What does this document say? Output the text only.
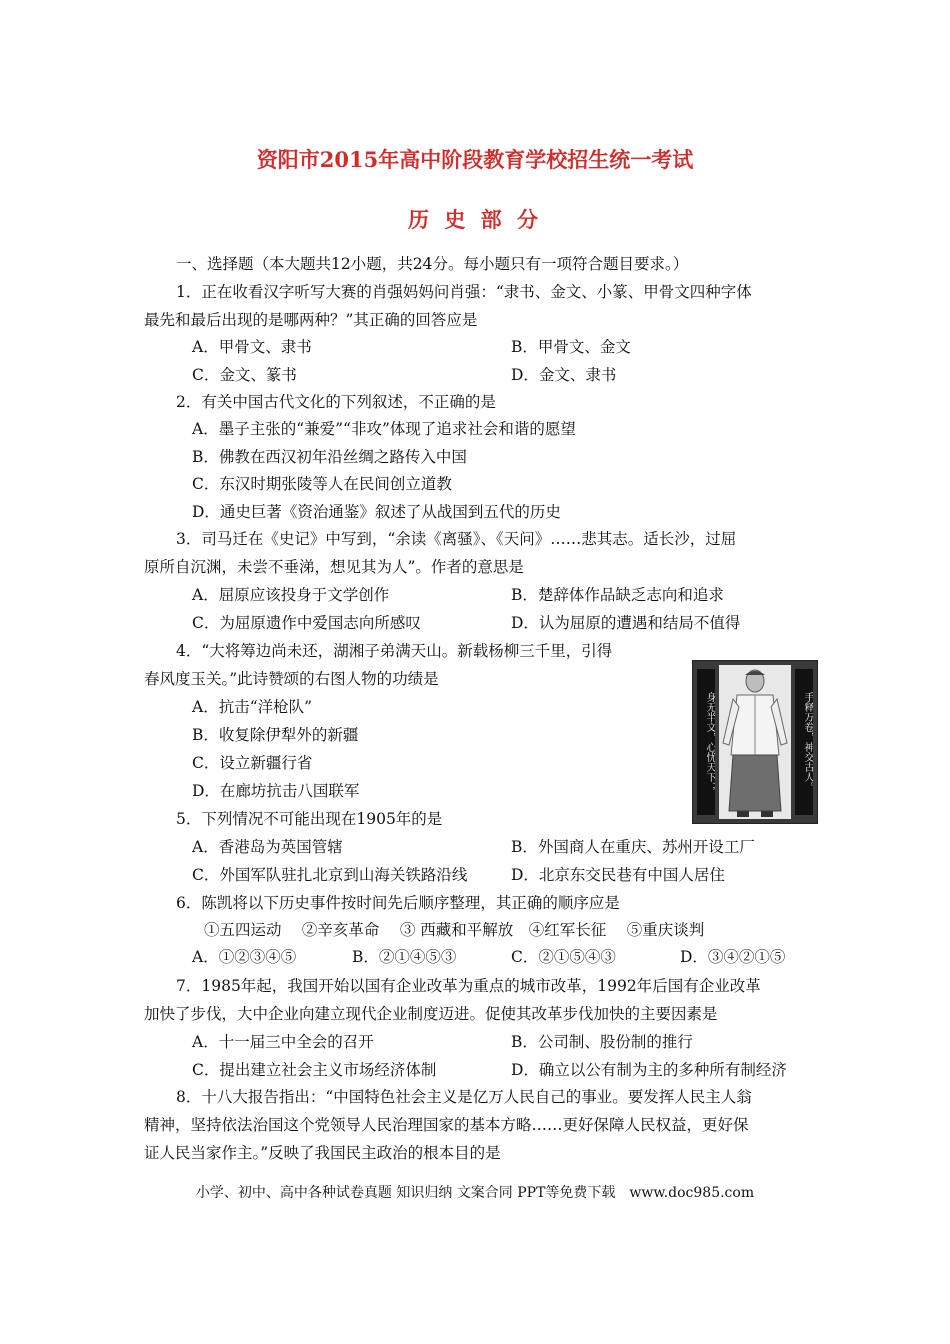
资阳市2015年高中阶段教育学校招生统一考试
历 史 部 分
一、选择题（本大题共12小题，共24分。每小题只有一项符合题目要求。）
1．正在收看汉字听写大赛的肖强妈妈问肖强：“隶书、金文、小篆、甲骨文四种字体
最先和最后出现的是哪两种？”其正确的回答应是
A．甲骨文、隶书	B．甲骨文、金文
C．金文、篆书	D．金文、隶书
2．有关中国古代文化的下列叙述，不正确的是
A．墨子主张的“兼爱”“非攻”体现了追求社会和谐的愿望
B．佛教在西汉初年沿丝绸之路传入中国
C．东汉时期张陵等人在民间创立道教
D．通史巨著《资治通鉴》叙述了从战国到五代的历史
3．司马迁在《史记》中写到，“余读《离骚》、《天问》……悲其志。适长沙，过屈
原所自沉渊，未尝不垂涕，想见其为人”。作者的意思是
A．屈原应该投身于文学创作	B．楚辞体作品缺乏志向和追求
C．为屈原遗作中爱国志向所感叹	D．认为屈原的遭遇和结局不值得
4．“大将筹边尚未还，湖湘子弟满天山。新载杨柳三千里，引得
春风度玉关。”此诗赞颂的右图人物的功绩是
A．抗击“洋枪队”
B．收复除伊犁外的新疆
C．设立新疆行省
D．在廊坊抗击八国联军	身无半文，心忧天下；	手释万卷，神交古人。
5．下列情况不可能出现在1905年的是
A．香港岛为英国管辖	B．外国商人在重庆、苏州开设工厂
C．外国军队驻扎北京到山海关铁路沿线	D．北京东交民巷有中国人居住
6．陈凯将以下历史事件按时间先后顺序整理，其正确的顺序应是
①五四运动　 ②辛亥革命　 ③ 西藏和平解放　④红军长征　 ⑤重庆谈判
A．①②③④⑤	B．②①④⑤③	C．②①⑤④③	D．③④②①⑤
7．1985年起，我国开始以国有企业改革为重点的城市改革，1992年后国有企业改革
加快了步伐，大中企业向建立现代企业制度迈进。促使其改革步伐加快的主要因素是
A．十一届三中全会的召开	B．公司制、股份制的推行
C．提出建立社会主义市场经济体制	D．确立以公有制为主的多种所有制经济
8．十八大报告指出：“中国特色社会主义是亿万人民自己的事业。要发挥人民主人翁
精神，坚持依法治国这个党领导人民治理国家的基本方略……更好保障人民权益，更好保
证人民当家作主。”反映了我国民主政治的根本目的是
小学、初中、高中各种试卷真题 知识归纳 文案合同 PPT等免费下载　www.doc985.com
